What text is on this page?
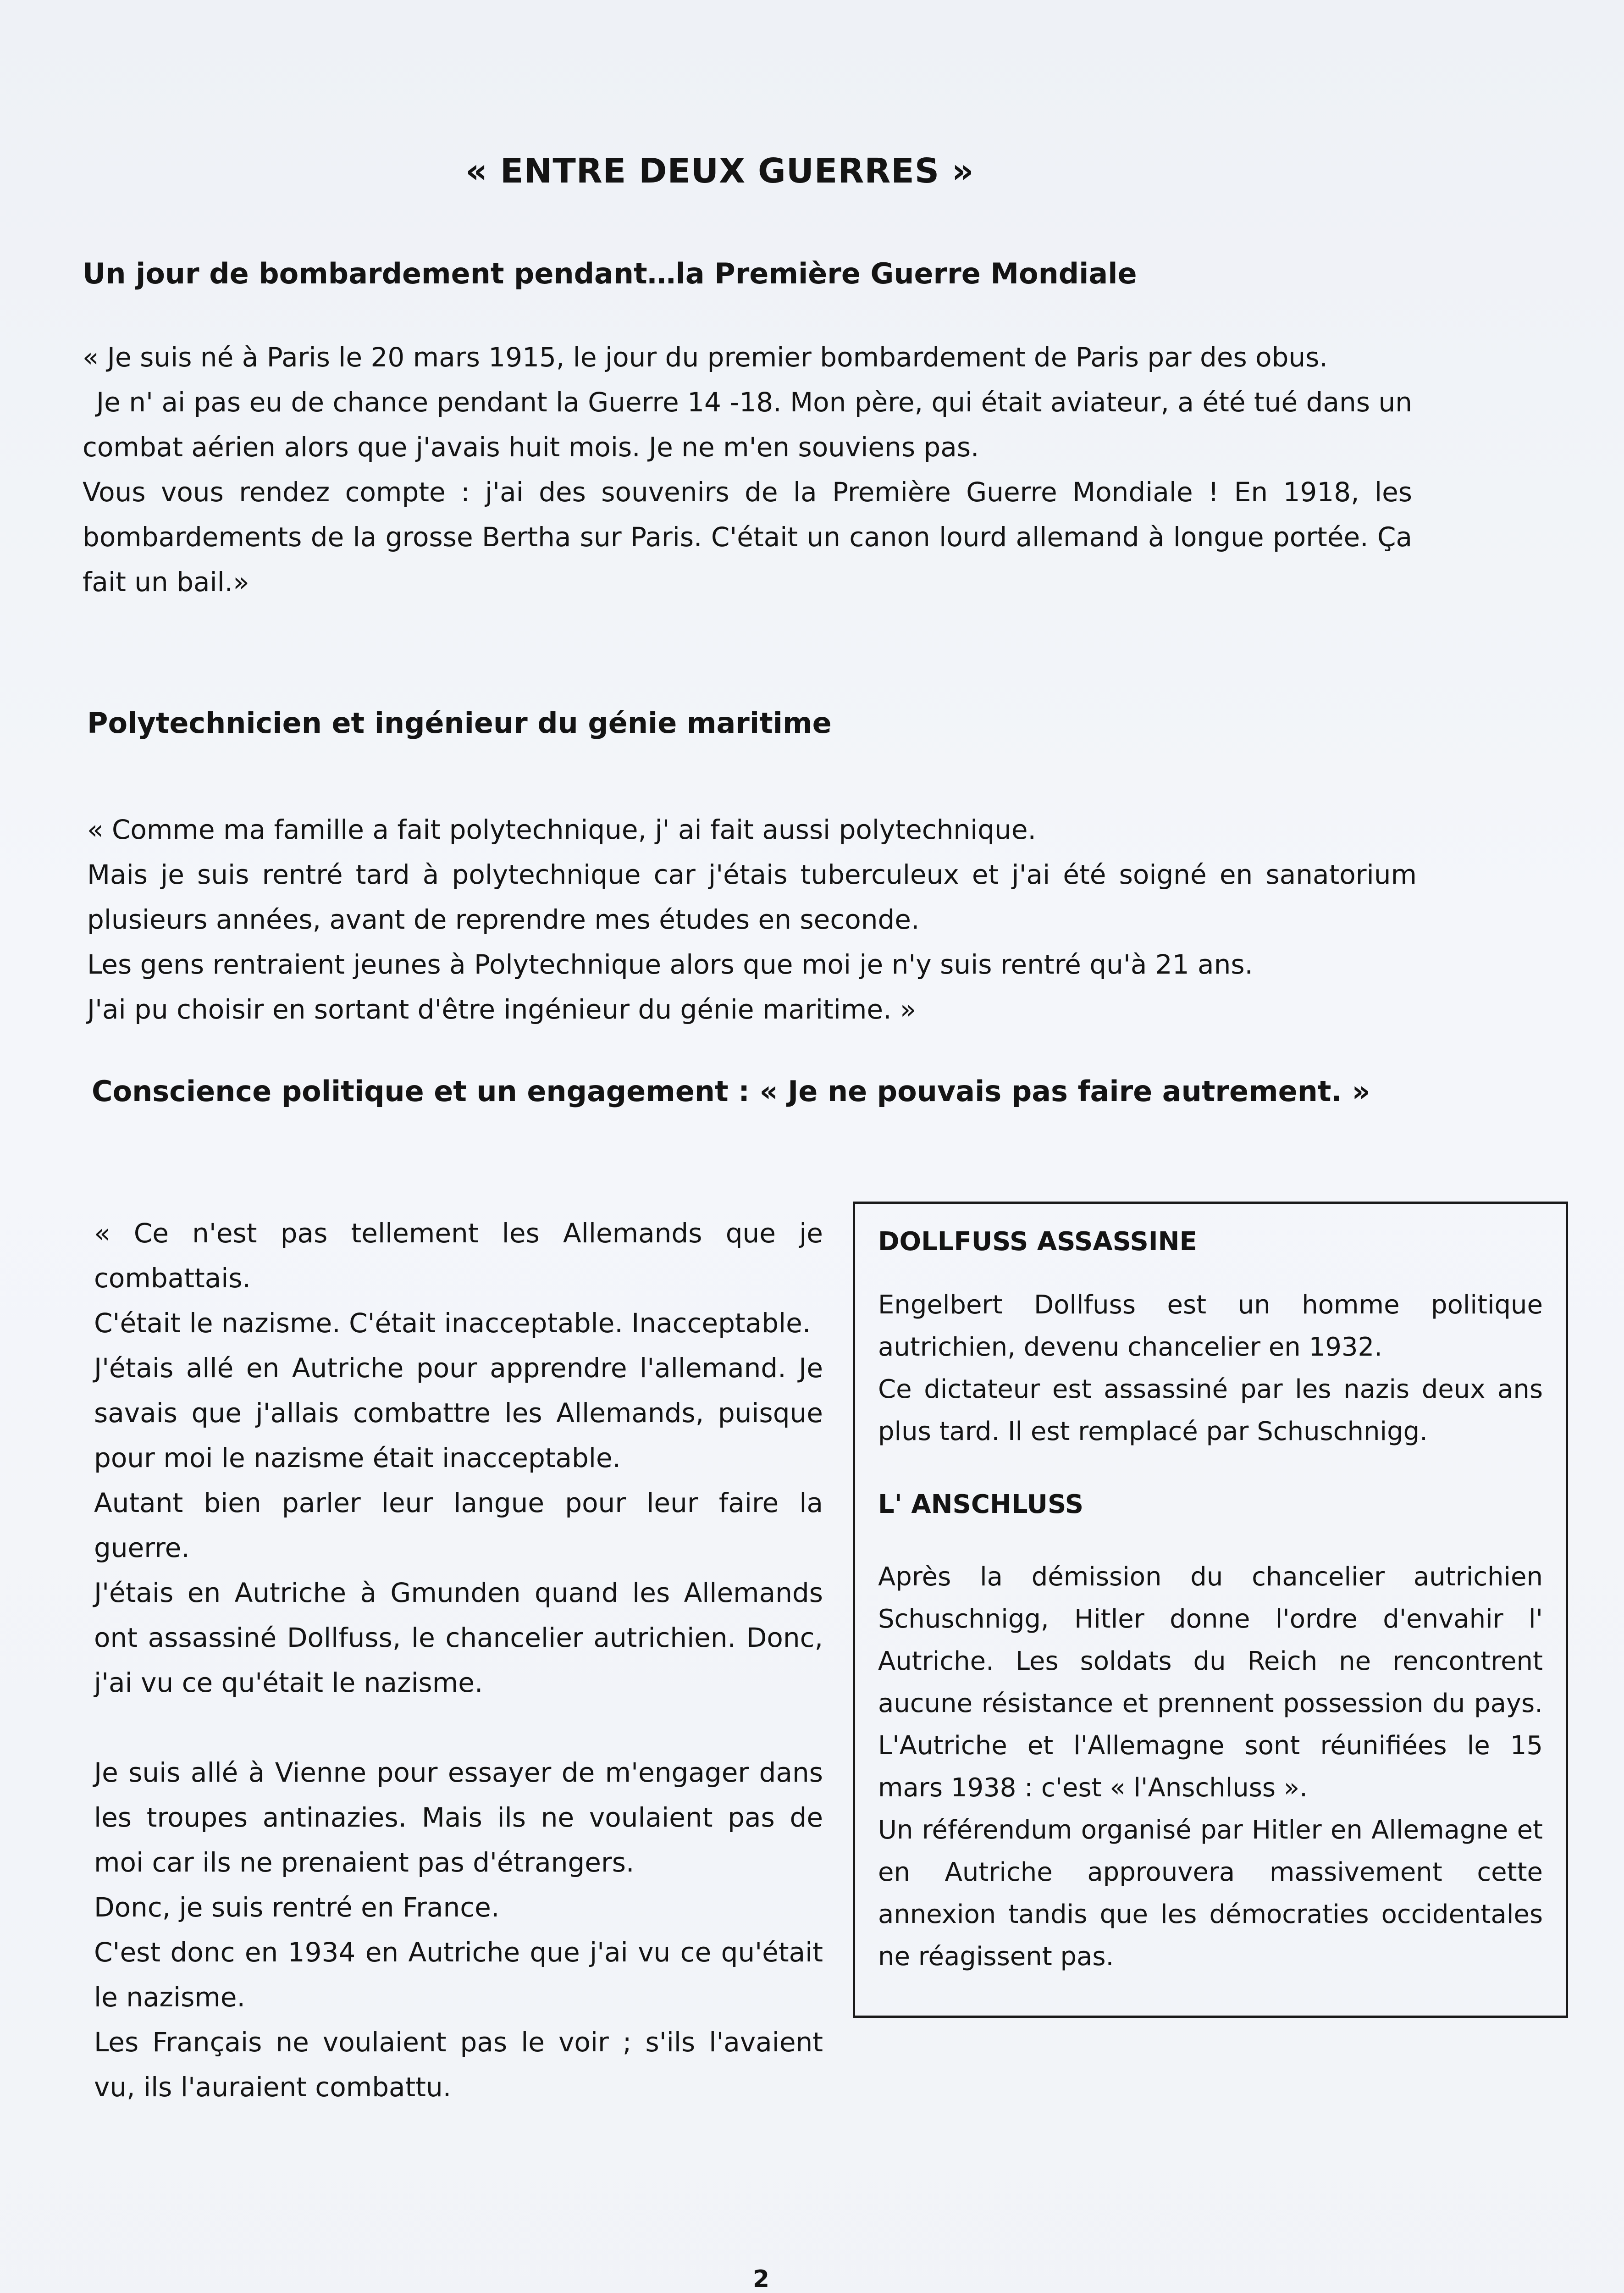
« ENTRE DEUX GUERRES »
Un jour de bombardement pendant…la Première Guerre Mondiale

« Je suis né à Paris le 20 mars 1915, le jour du premier bombardement de Paris par des obus.

Je n' ai pas eu de chance pendant la Guerre 14 -18. Mon père, qui était aviateur, a été tué dans un combat aérien alors que j'avais huit mois. Je ne m'en souviens pas.

Vous vous rendez compte : j'ai des souvenirs de la Première Guerre Mondiale ! En 1918, les bombardements de la grosse Bertha sur Paris. C'était un canon lourd allemand à longue portée. Ça fait un bail.»

Polytechnicien et ingénieur du génie maritime

« Comme ma famille a fait polytechnique, j' ai fait aussi polytechnique.

Mais je suis rentré tard à polytechnique car j'étais tuberculeux et j'ai été soigné en sanatorium plusieurs années, avant de reprendre mes études en seconde.

Les gens rentraient jeunes à Polytechnique alors que moi je n'y suis rentré qu'à 21 ans.

J'ai pu choisir en sortant d'être ingénieur du génie maritime. »

Conscience politique et un engagement : « Je ne pouvais pas faire autrement. »

« Ce n'est pas tellement les Allemands que je combattais.

C'était le nazisme. C'était inacceptable. Inacceptable.

J'étais allé en Autriche pour apprendre l'allemand. Je savais que j'allais combattre les Allemands, puisque pour moi le nazisme était inacceptable.

Autant bien parler leur langue pour leur faire la guerre.

J'étais en Autriche à Gmunden quand les Allemands ont assassiné Dollfuss, le chancelier autrichien. Donc, j'ai vu ce qu'était le nazisme.

Je suis allé à Vienne pour essayer de m'engager dans les troupes antinazies. Mais ils ne voulaient pas de moi car ils ne prenaient pas d'étrangers.

Donc, je suis rentré en France.

C'est donc en 1934 en Autriche que j'ai vu ce qu'était le nazisme.

Les Français ne voulaient pas le voir ; s'ils l'avaient vu, ils l'auraient combattu.

DOLLFUSS ASSASSINE

Engelbert Dollfuss est un homme politique autrichien, devenu chancelier en 1932.

Ce dictateur est assassiné par les nazis deux ans plus tard. Il est remplacé par Schuschnigg.

L' ANSCHLUSS

Après la démission du chancelier autrichien Schuschnigg, Hitler donne l'ordre d'envahir l' Autriche. Les soldats du Reich ne rencontrent aucune résistance et prennent possession du pays. L'Autriche et l'Allemagne sont réunifiées le 15 mars 1938 : c'est « l'Anschluss ».

Un référendum organisé par Hitler en Allemagne et en Autriche approuvera massivement cette annexion tandis que les démocraties occidentales ne réagissent pas.

2
